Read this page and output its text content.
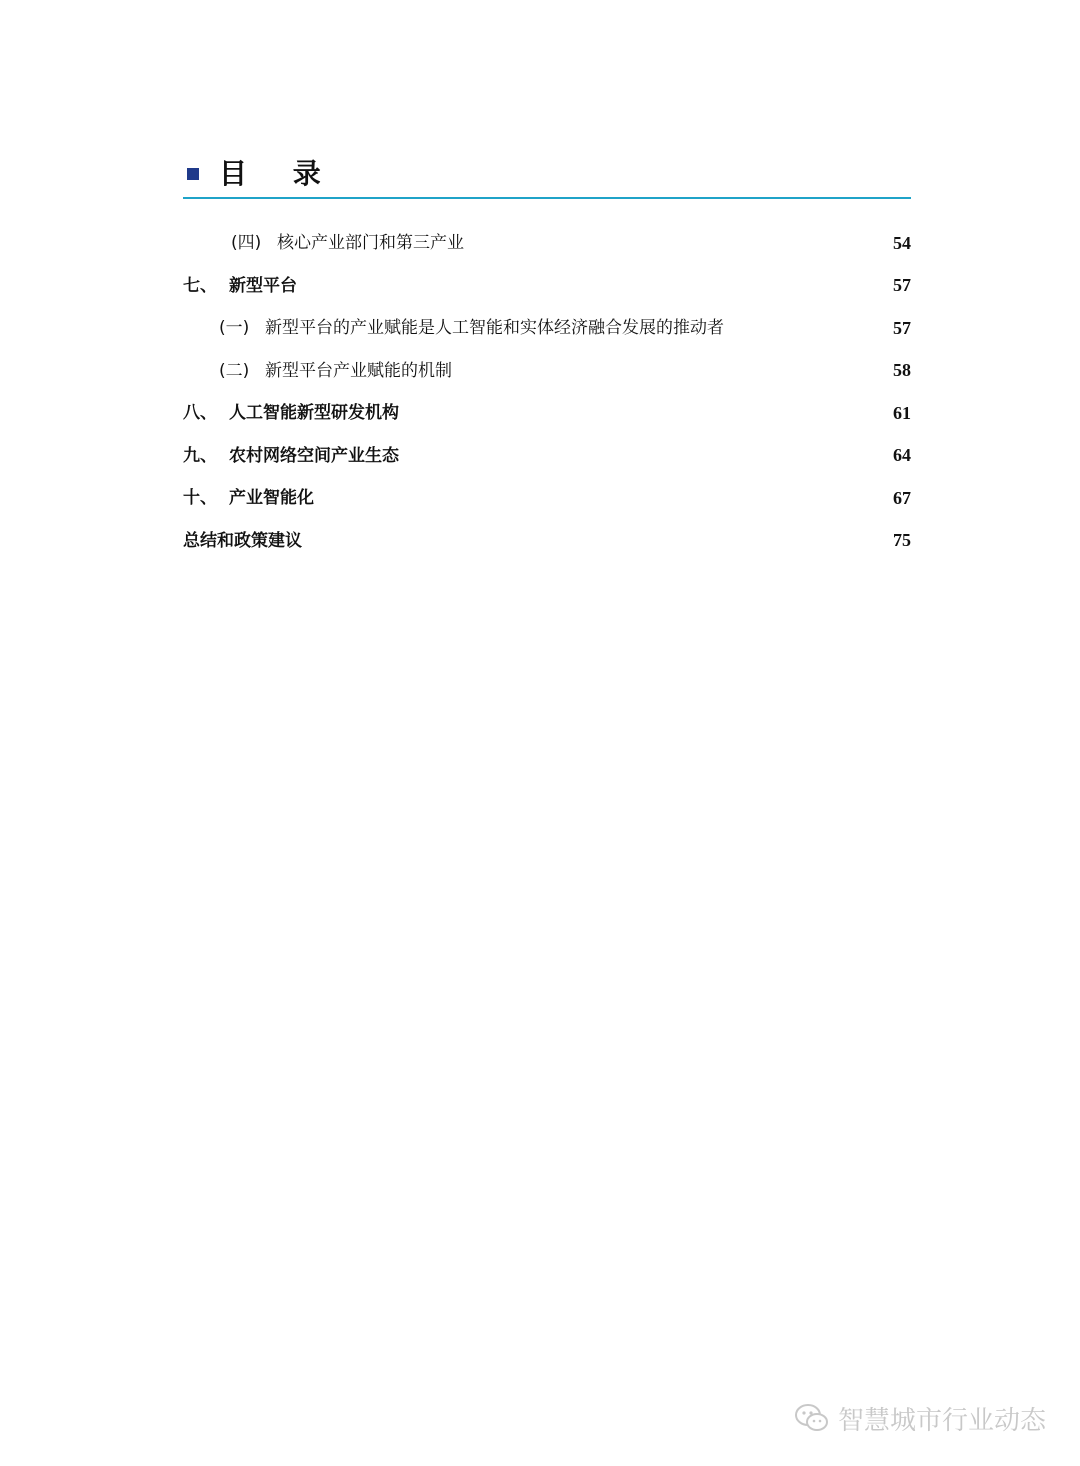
目 录
(四) 核心产业部门和第三产业	54
七、 新型平台	57
(一) 新型平台的产业赋能是人工智能和实体经济融合发展的推动者	57
(二) 新型平台产业赋能的机制	58
八、 人工智能新型研发机构	61
九、 农村网络空间产业生态	64
十、 产业智能化	67
总结和政策建议	75
智慧城市行业动态
